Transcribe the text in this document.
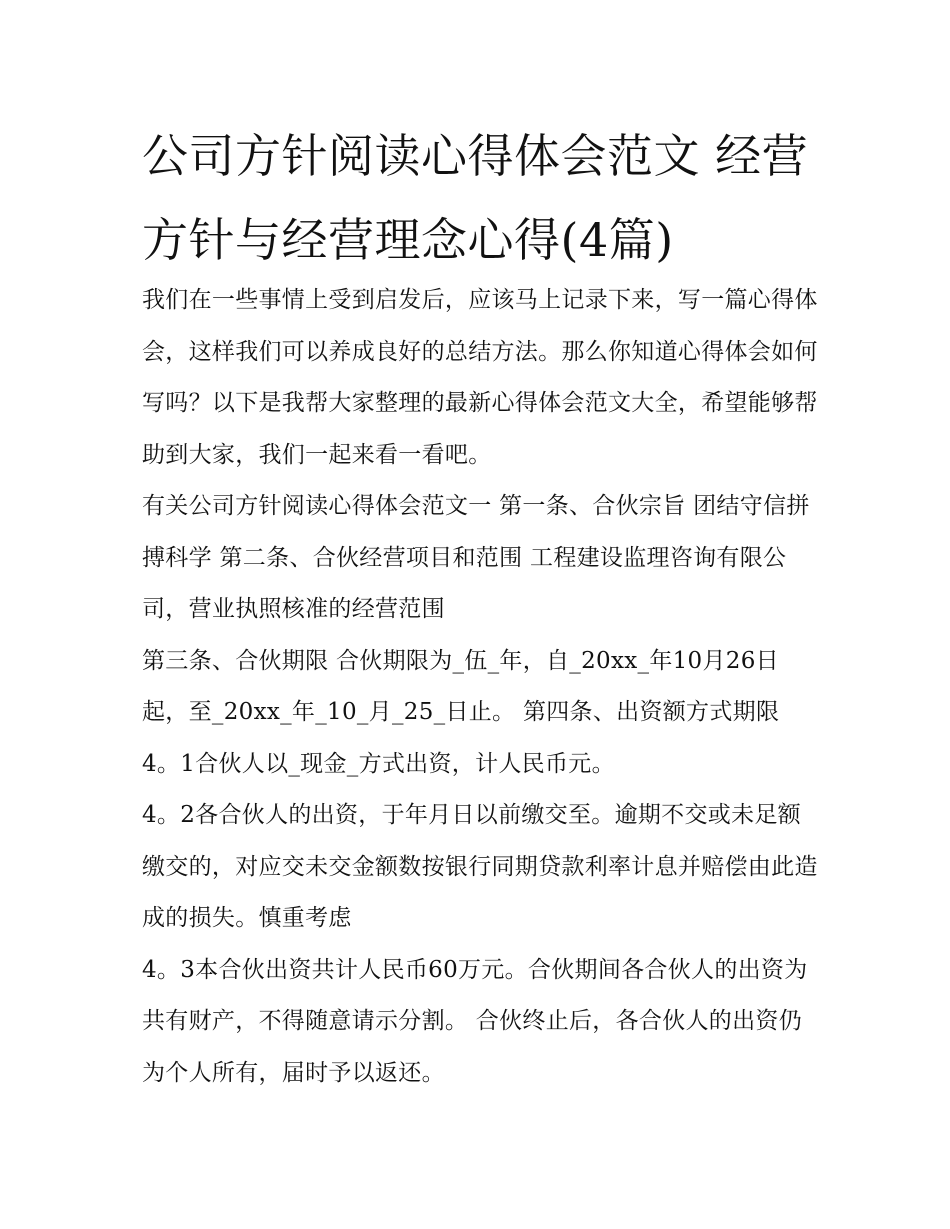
公司方针阅读心得体会范文 经营方针与经营理念心得(4篇)

我们在一些事情上受到启发后，应该马上记录下来，写一篇心得体会，这样我们可以养成良好的总结方法。那么你知道心得体会如何写吗？以下是我帮大家整理的最新心得体会范文大全，希望能够帮助到大家，我们一起来看一看吧。

有关公司方针阅读心得体会范文一 第一条、合伙宗旨 团结守信拼搏科学 第二条、合伙经营项目和范围 工程建设监理咨询有限公司，营业执照核准的经营范围

第三条、合伙期限 合伙期限为_伍_年，自_20xx_年10月26日起，至_20xx_年_10_月_25_日止。 第四条、出资额方式期限

4。1合伙人以_现金_方式出资，计人民币元。

4。2各合伙人的出资，于年月日以前缴交至。逾期不交或未足额缴交的，对应交未交金额数按银行同期贷款利率计息并赔偿由此造成的损失。慎重考虑

4。3本合伙出资共计人民币60万元。合伙期间各合伙人的出资为共有财产，不得随意请示分割。 合伙终止后，各合伙人的出资仍为个人所有，届时予以返还。
